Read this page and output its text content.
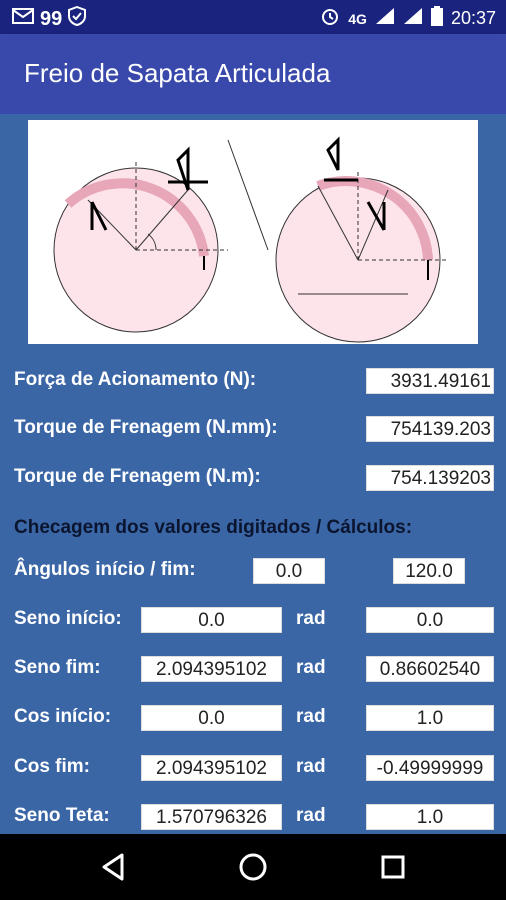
99	4G	20:37
Freio de Sapata Articulada
Força de Acionamento (N):	3931.49161
Torque de Frenagem (N.mm):	754139.203
Torque de Frenagem (N.m):	754.139203
Checagem dos valores digitados / Cálculos:
Ângulos início / fim:	0.0	120.0
Seno início:	0.0	rad	0.0
Seno fim:	2.094395102	rad	0.86602540
Cos início:	0.0	rad	1.0
Cos fim:	2.094395102	rad	-0.49999999
Seno Teta:	1.570796326	rad	1.0
